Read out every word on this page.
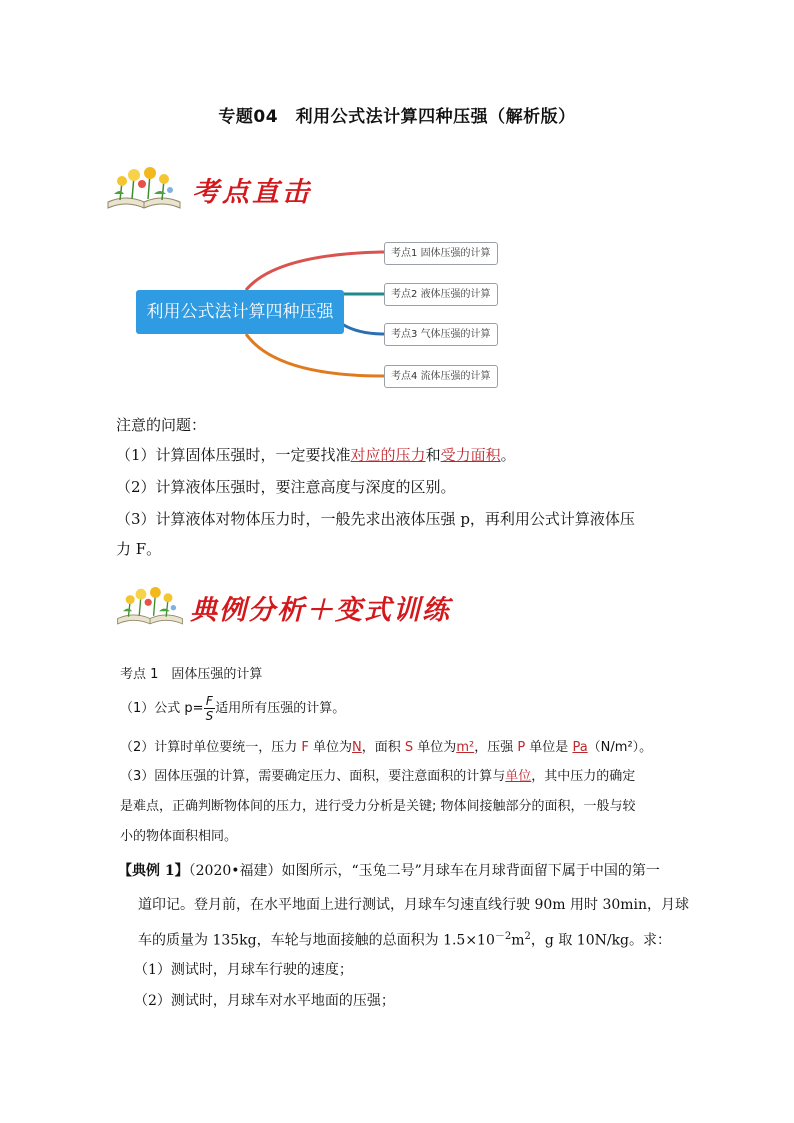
专题04　利用公式法计算四种压强（解析版）
考点直击
利用公式法计算四种压强
考点1 固体压强的计算
考点2 液体压强的计算
考点3 气体压强的计算
考点4 流体压强的计算
注意的问题：
（1）计算固体压强时，一定要找准对应的压力和受力面积。
（2）计算液体压强时，要注意高度与深度的区别。
（3）计算液体对物体压力时，一般先求出液体压强 p，再利用公式计算液体压
力 F。
典例分析＋变式训练
考点 1　固体压强的计算
（1）公式 $p= \frac{F}{S}$ 适用所有压强的计算。
（2）计算时单位要统一，压力 F 单位为N，面积 S 单位为m²，压强 P 单位是 Pa（N/m²）。
（3）固体压强的计算，需要确定压力、面积，要注意面积的计算与单位，其中压力的确定
是难点，正确判断物体间的压力，进行受力分析是关键; 物体间接触部分的面积，一般与较
小的物体面积相同。
【典例 1】（2020•福建）如图所示，“玉兔二号”月球车在月球背面留下属于中国的第一
道印记。登月前，在水平地面上进行测试，月球车匀速直线行驶 90m 用时 30min，月球
车的质量为 135kg，车轮与地面接触的总面积为 $1.5\times 10^{-2}m^2$，g 取 10N/kg。求：
（1）测试时，月球车行驶的速度；
（2）测试时，月球车对水平地面的压强；
